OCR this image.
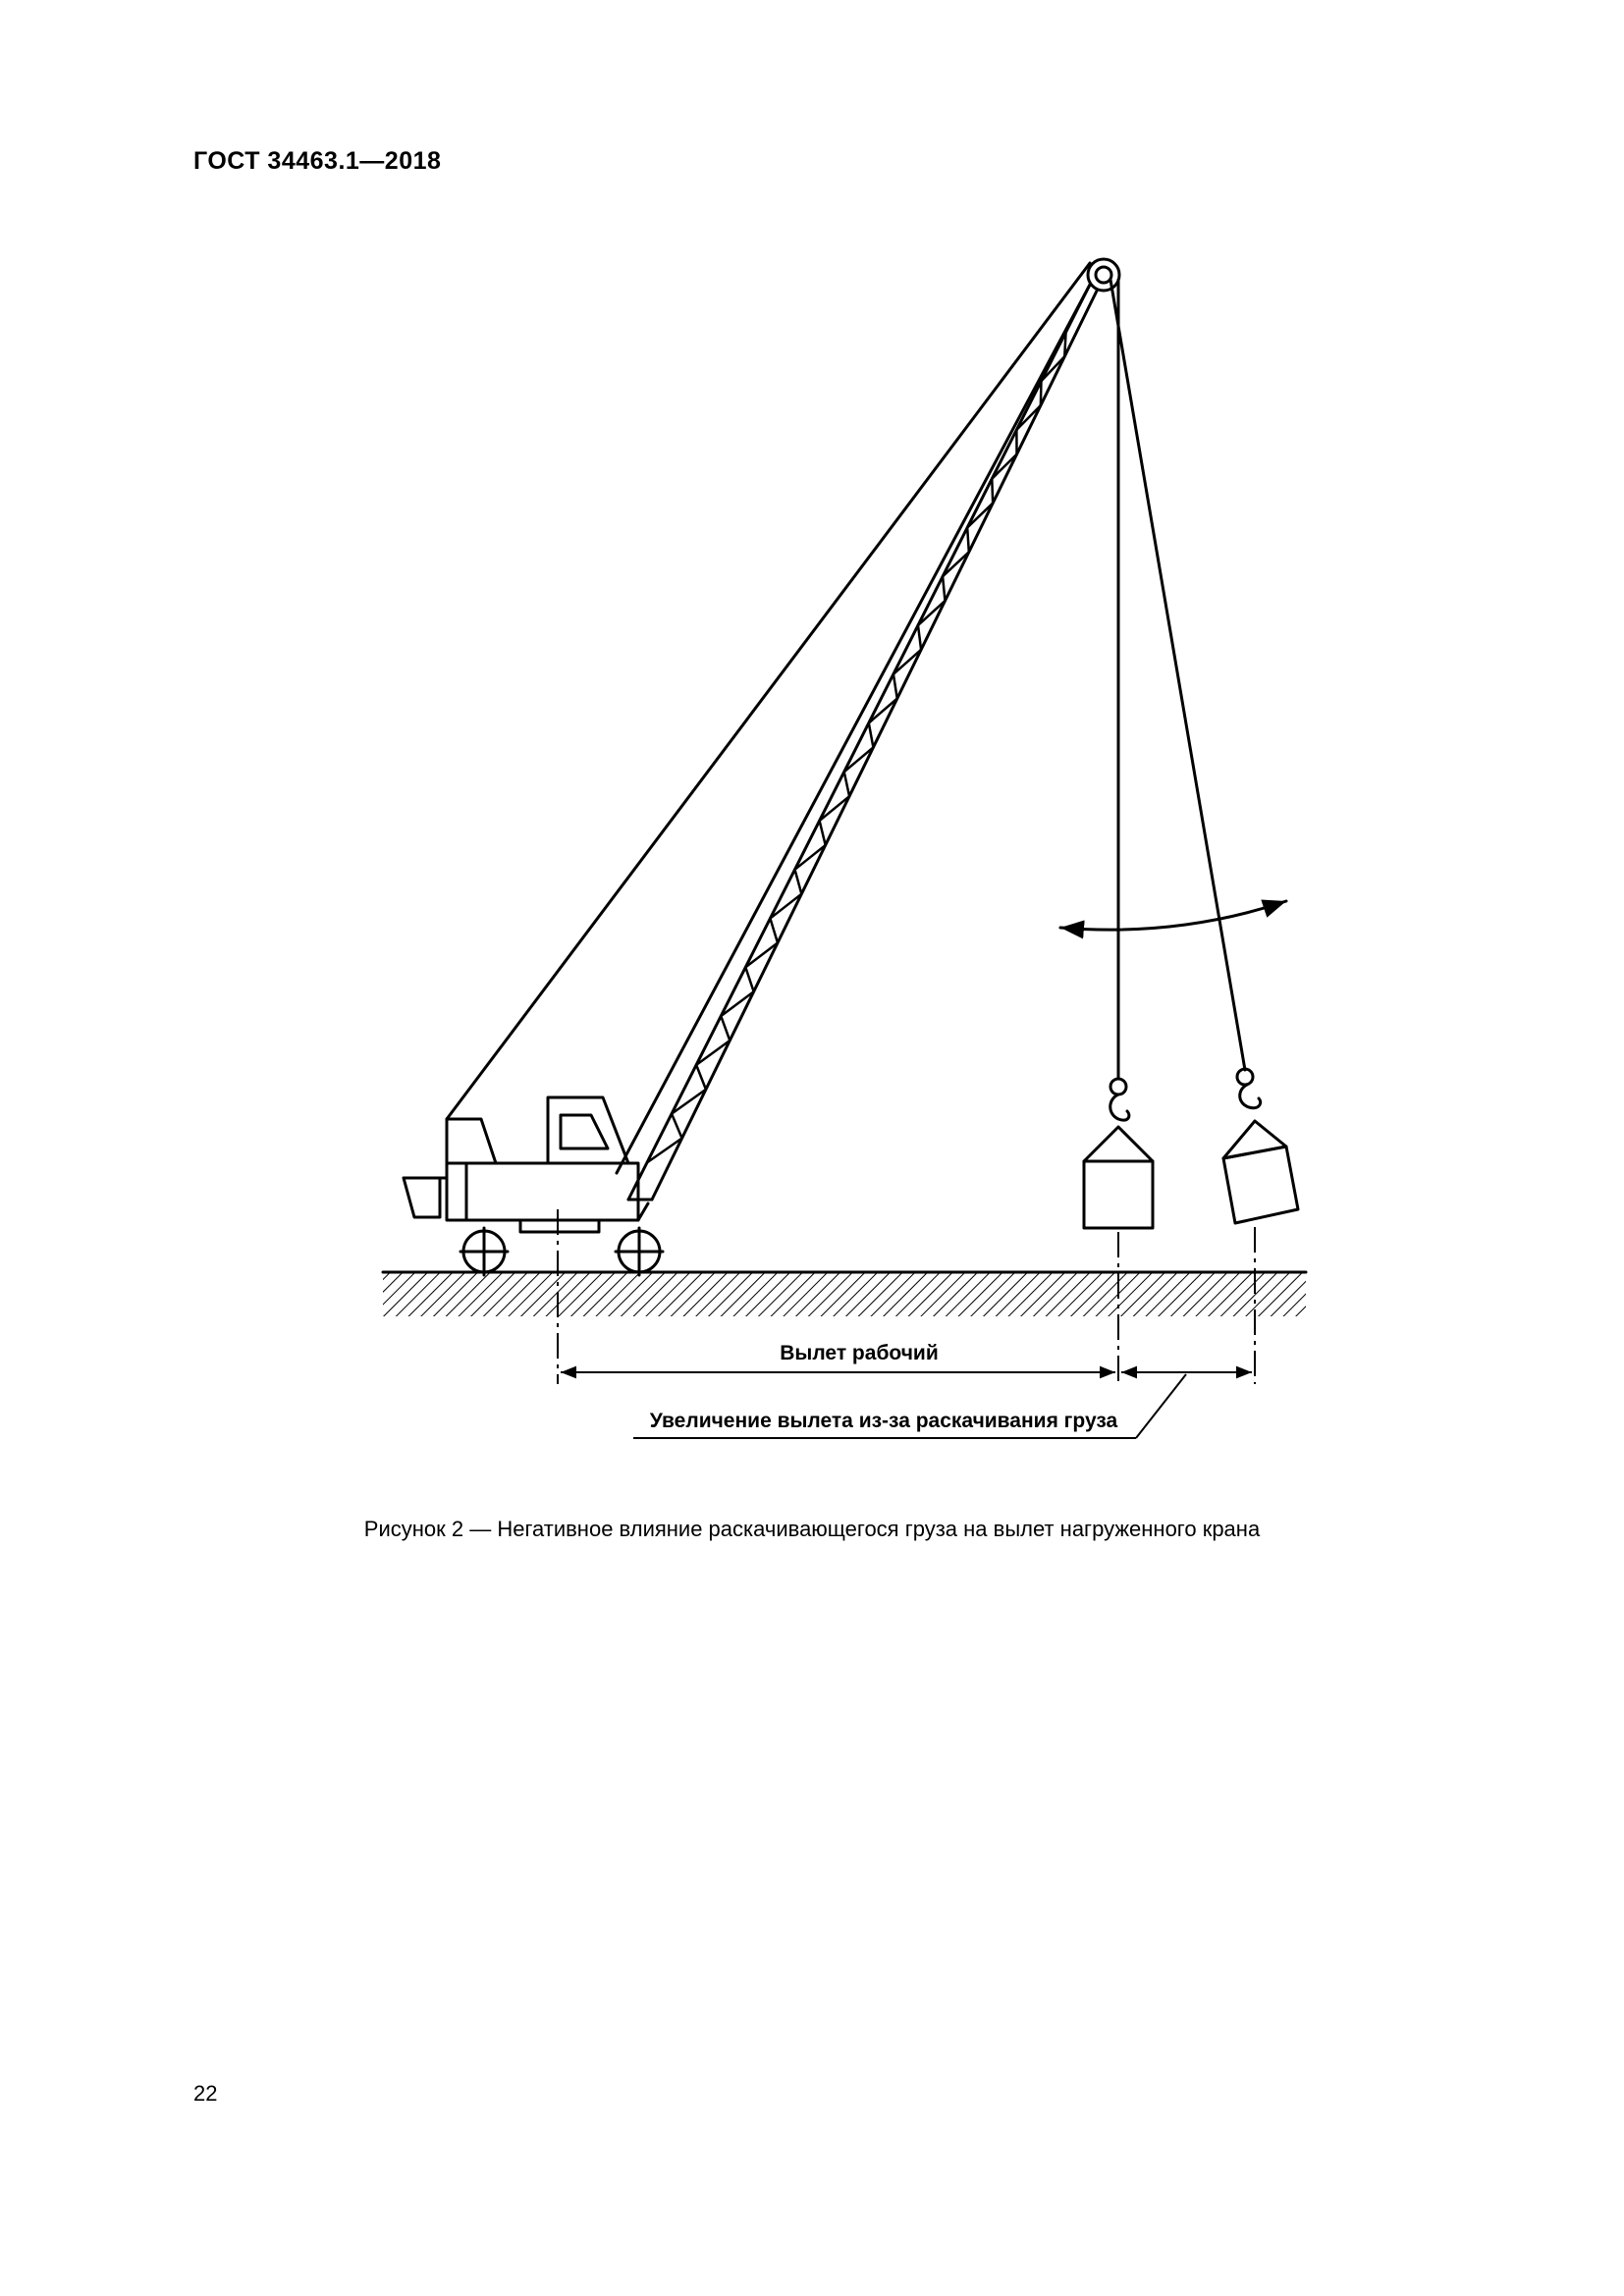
ГОСТ 34463.1—2018
Вылет рабочий
Увеличение вылета из-за раскачивания груза
Рисунок 2 — Негативное влияние раскачивающегося груза на вылет нагруженного крана
22
